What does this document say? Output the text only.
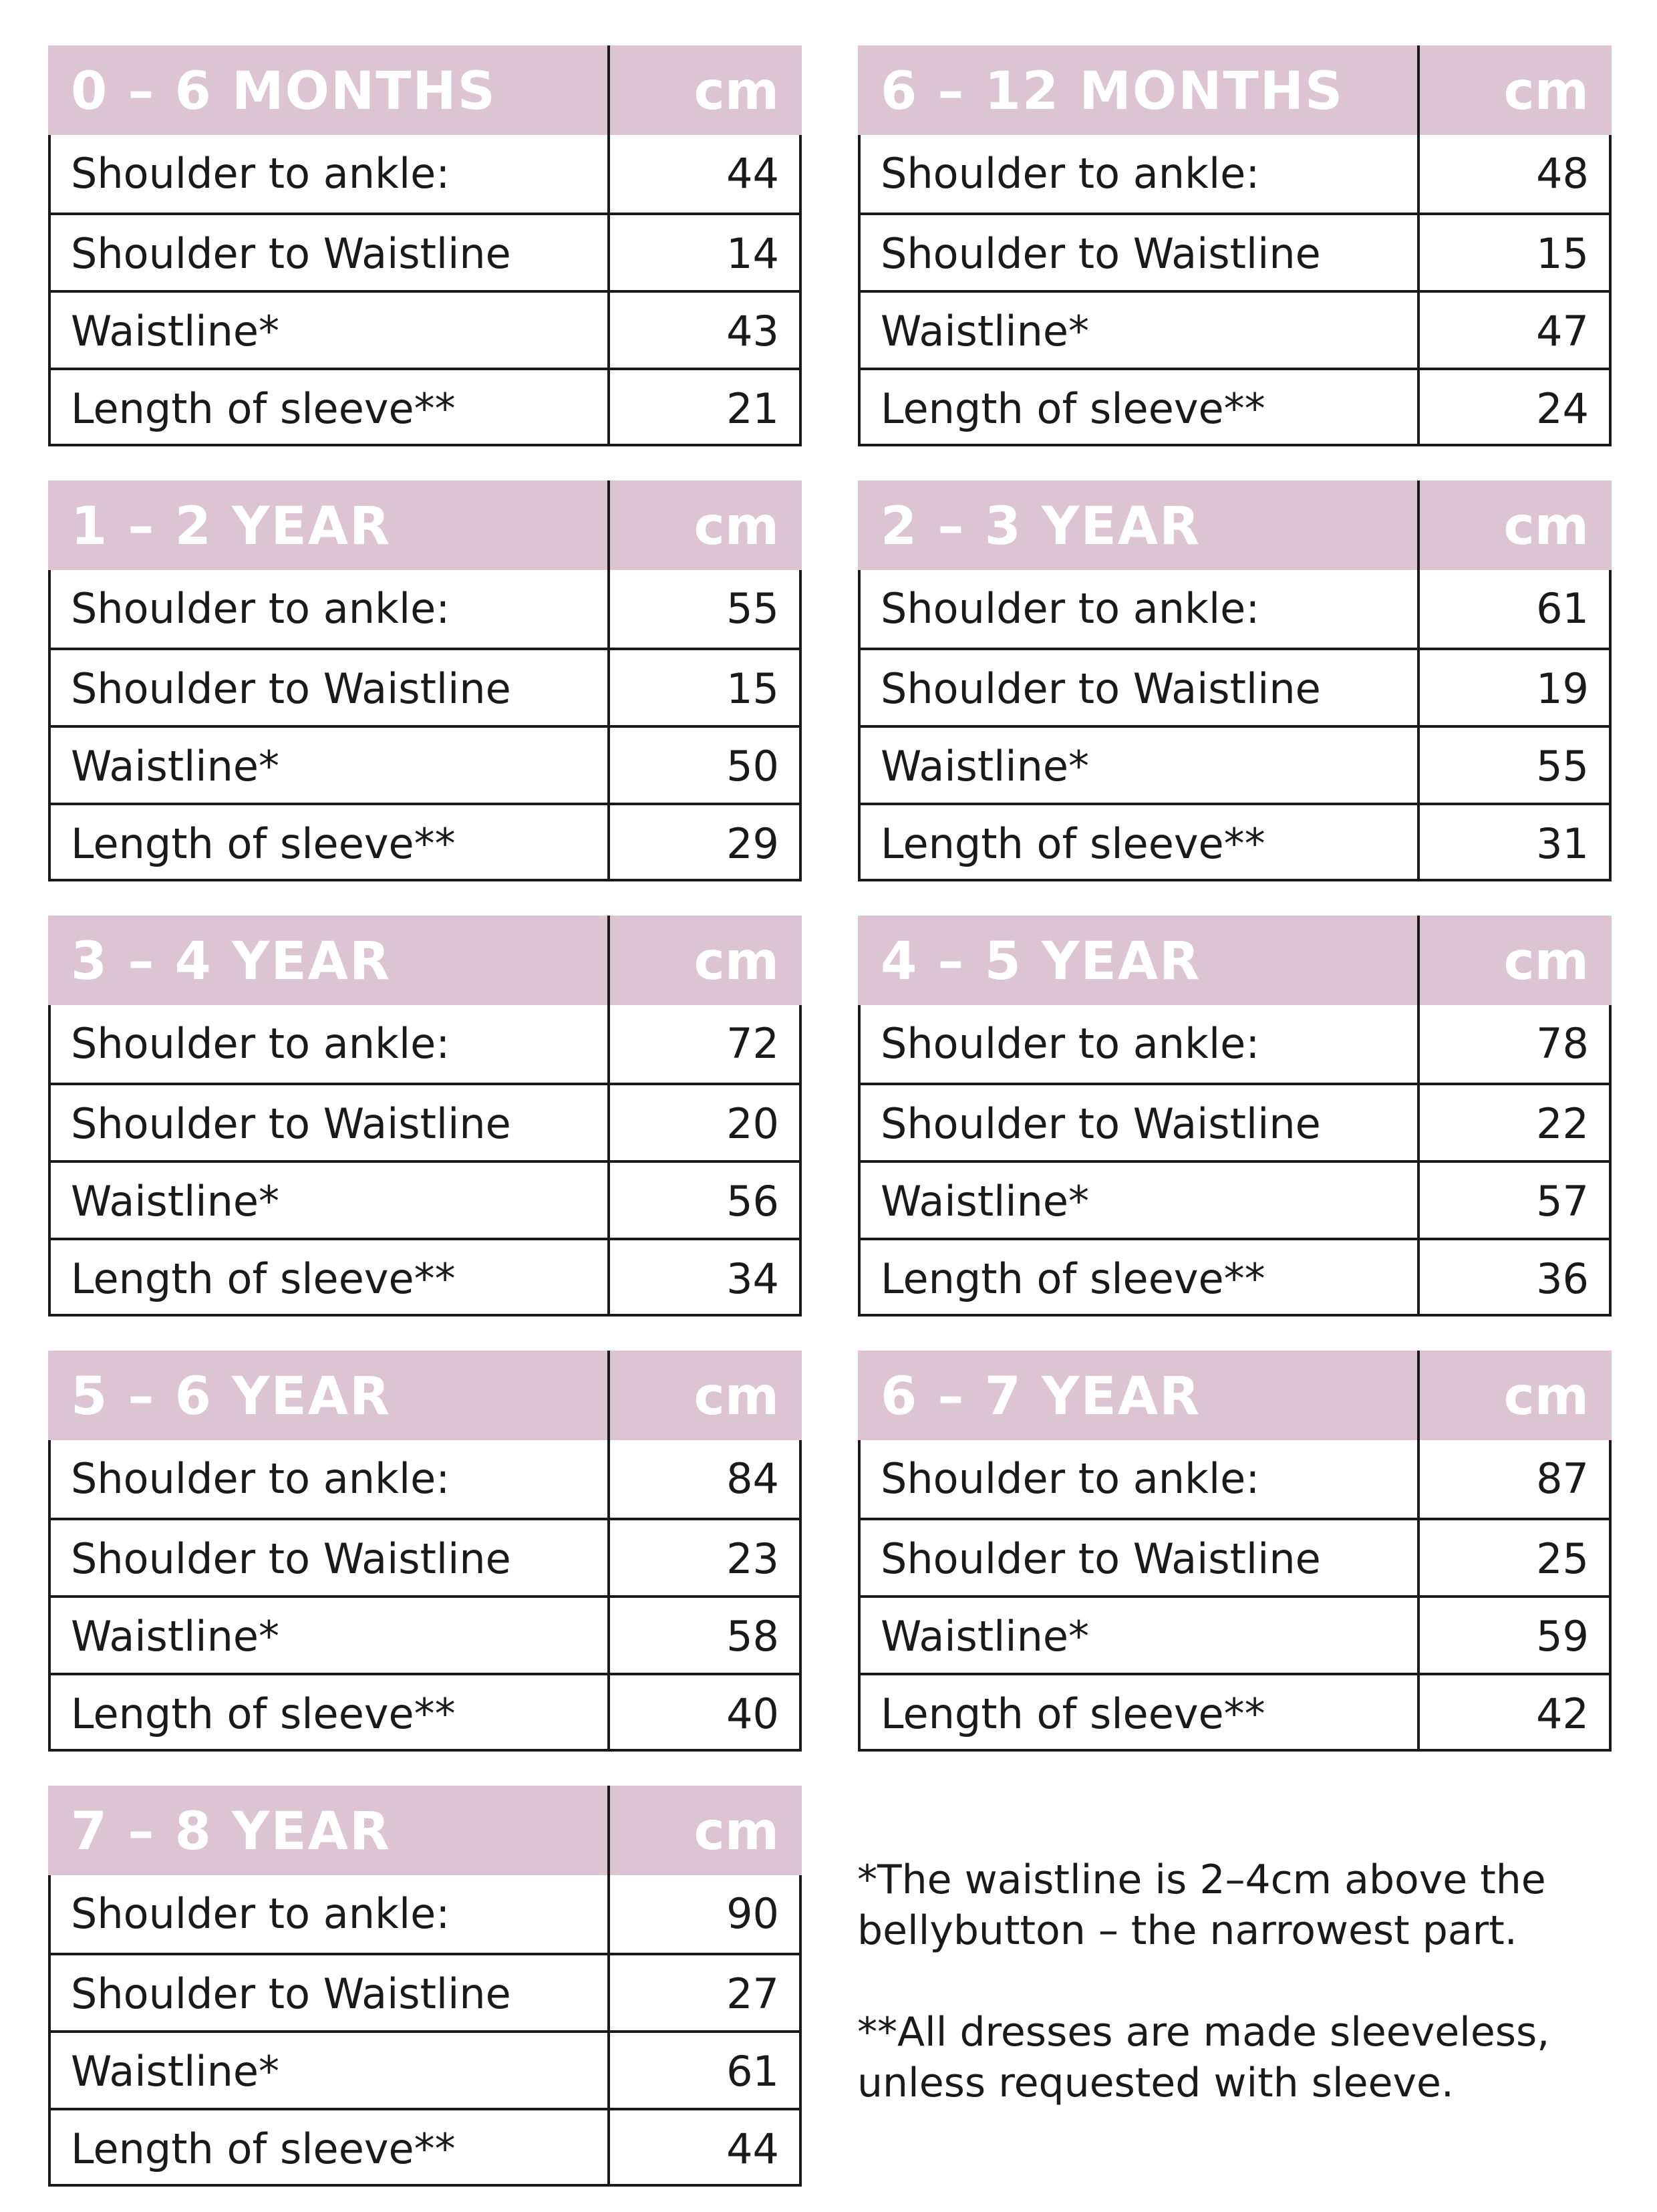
0 – 6 MONTHS	cm
Shoulder to ankle:	44
Shoulder to Waistline	14
Waistline*	43
Length of sleeve**	21
6 – 12 MONTHS	cm
Shoulder to ankle:	48
Shoulder to Waistline	15
Waistline*	47
Length of sleeve**	24
1 – 2 YEAR	cm
Shoulder to ankle:	55
Shoulder to Waistline	15
Waistline*	50
Length of sleeve**	29
2 – 3 YEAR	cm
Shoulder to ankle:	61
Shoulder to Waistline	19
Waistline*	55
Length of sleeve**	31
3 – 4 YEAR	cm
Shoulder to ankle:	72
Shoulder to Waistline	20
Waistline*	56
Length of sleeve**	34
4 – 5 YEAR	cm
Shoulder to ankle:	78
Shoulder to Waistline	22
Waistline*	57
Length of sleeve**	36
5 – 6 YEAR	cm
Shoulder to ankle:	84
Shoulder to Waistline	23
Waistline*	58
Length of sleeve**	40
6 – 7 YEAR	cm
Shoulder to ankle:	87
Shoulder to Waistline	25
Waistline*	59
Length of sleeve**	42
7 – 8 YEAR	cm
Shoulder to ankle:	90
Shoulder to Waistline	27
Waistline*	61
Length of sleeve**	44

*The waistline is 2–4cm above the bellybutton – the narrowest part.

**All dresses are made sleeveless, unless requested with sleeve.
